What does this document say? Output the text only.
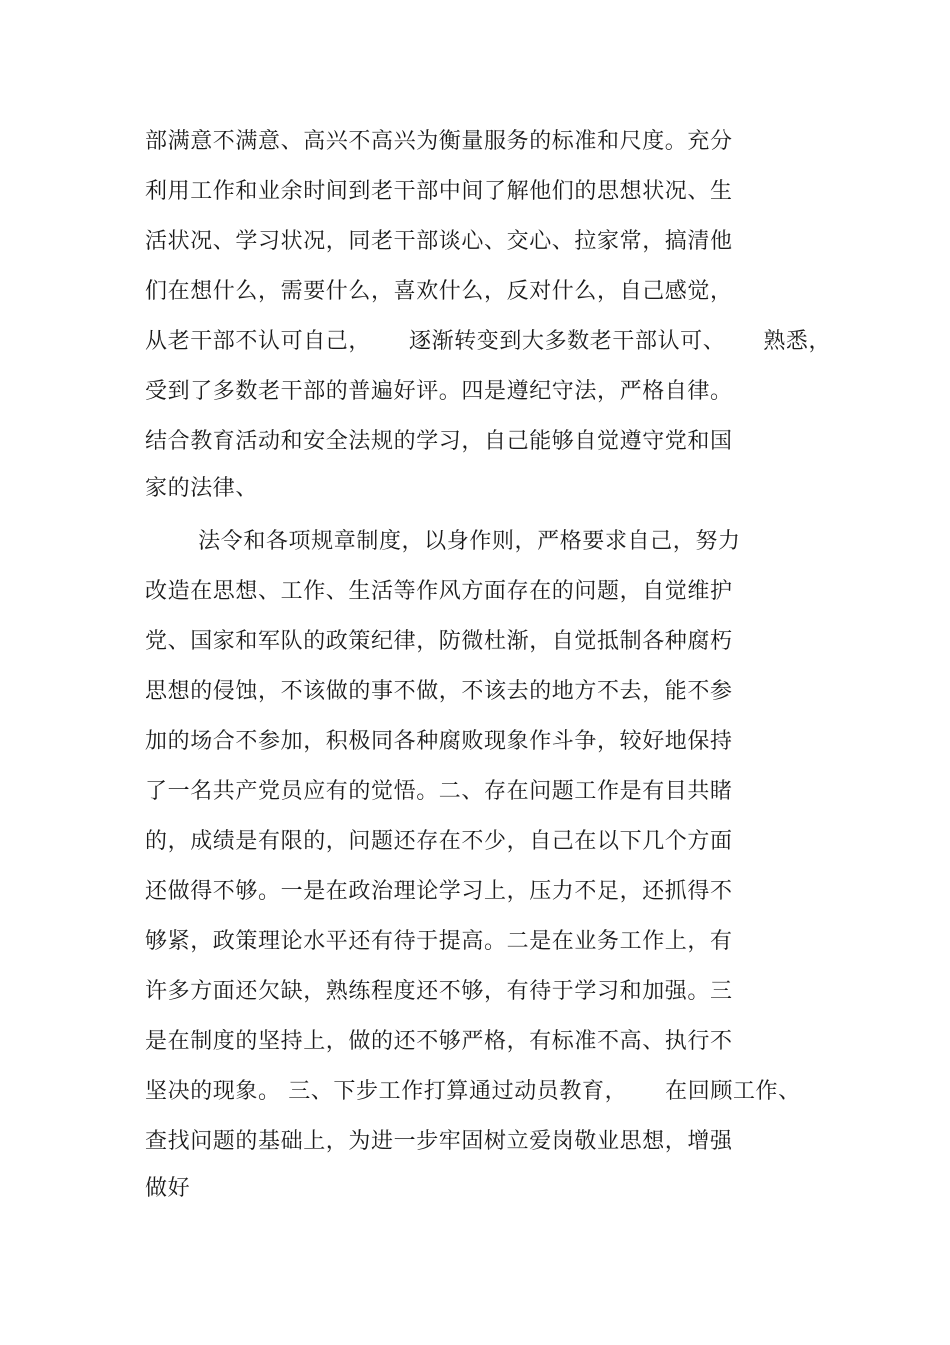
部满意不满意、高兴不高兴为衡量服务的标准和尺度。充分
利用工作和业余时间到老干部中间了解他们的思想状况、生
活状况、学习状况，同老干部谈心、交心、拉家常，搞清他
们在想什么，需要什么，喜欢什么，反对什么，自己感觉，
从老干部不认可自己，     逐渐转变到大多数老干部认可、     熟悉，
受到了多数老干部的普遍好评。四是遵纪守法，严格自律。
结合教育活动和安全法规的学习，自己能够自觉遵守党和国
家的法律、
法令和各项规章制度，以身作则，严格要求自己，努力
改造在思想、工作、生活等作风方面存在的问题，自觉维护
党、国家和军队的政策纪律，防微杜渐，自觉抵制各种腐朽
思想的侵蚀，不该做的事不做，不该去的地方不去，能不参
加的场合不参加，积极同各种腐败现象作斗争，较好地保持
了一名共产党员应有的觉悟。二、存在问题工作是有目共睹
的，成绩是有限的，问题还存在不少，自己在以下几个方面
还做得不够。一是在政治理论学习上，压力不足，还抓得不
够紧，政策理论水平还有待于提高。二是在业务工作上，有
许多方面还欠缺，熟练程度还不够，有待于学习和加强。三
是在制度的坚持上，做的还不够严格，有标准不高、执行不
坚决的现象。 三、下步工作打算通过动员教育，     在回顾工作、
查找问题的基础上，为进一步牢固树立爱岗敬业思想，增强
做好
